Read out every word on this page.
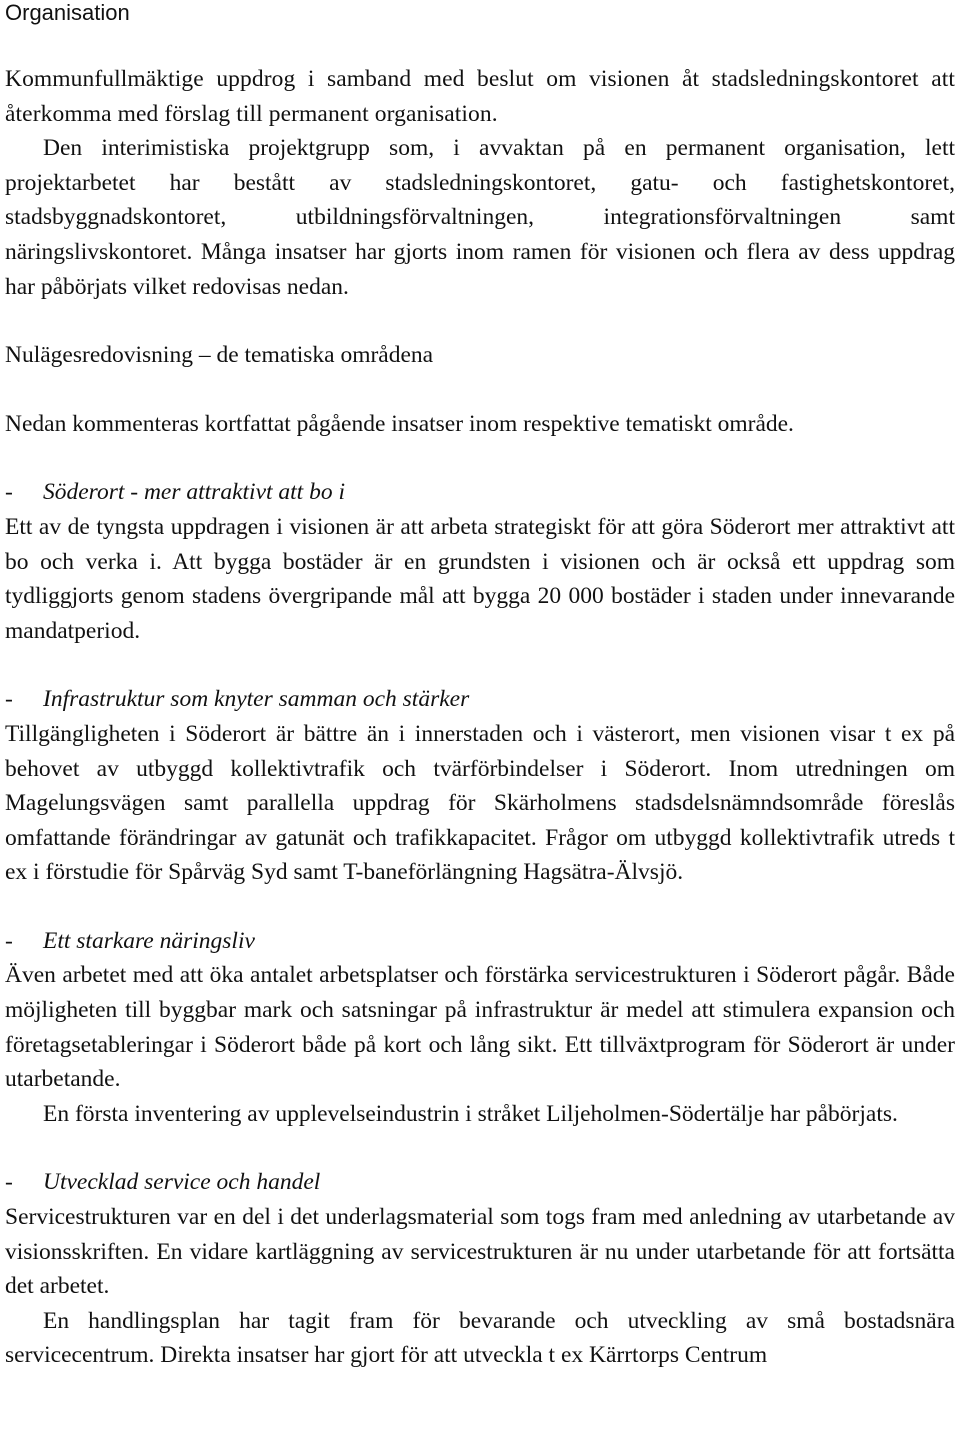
Organisation

Kommunfullmäktige uppdrog i samband med beslut om visionen åt stadsledningskontoret att återkomma med förslag till permanent organisation.

Den interimistiska projektgrupp som, i avvaktan på en permanent organisation, lett projektarbetet har bestått av stadsledningskontoret, gatu- och fastighetskontoret, stadsbyggnadskontoret, utbildningsförvaltningen, integrationsförvaltningen samt näringslivskontoret. Många insatser har gjorts inom ramen för visionen och flera av dess uppdrag har påbörjats vilket redovisas nedan.

Nulägesredovisning – de tematiska områdena

Nedan kommenteras kortfattat pågående insatser inom respektive tematiskt område.

- Söderort - mer attraktivt att bo i

Ett av de tyngsta uppdragen i visionen är att arbeta strategiskt för att göra Söderort mer attraktivt att bo och verka i. Att bygga bostäder är en grundsten i visionen och är också ett uppdrag som tydliggjorts genom stadens övergripande mål att bygga 20 000 bostäder i staden under innevarande mandatperiod.

- Infrastruktur som knyter samman och stärker

Tillgängligheten i Söderort är bättre än i innerstaden och i västerort, men visionen visar t ex på behovet av utbyggd kollektivtrafik och tvärförbindelser i Söderort. Inom utredningen om Magelungsvägen samt parallella uppdrag för Skärholmens stadsdelsnämndsområde föreslås omfattande förändringar av gatunät och trafikkapacitet. Frågor om utbyggd kollektivtrafik utreds t ex i förstudie för Spårväg Syd samt T-baneförlängning Hagsätra-Älvsjö.

- Ett starkare näringsliv

Även arbetet med att öka antalet arbetsplatser och förstärka servicestrukturen i Söderort pågår. Både möjligheten till byggbar mark och satsningar på infrastruktur är medel att stimulera expansion och företagsetableringar i Söderort både på kort och lång sikt. Ett tillväxtprogram för Söderort är under utarbetande.

En första inventering av upplevelseindustrin i stråket Liljeholmen-Södertälje har påbörjats.

- Utvecklad service och handel

Servicestrukturen var en del i det underlagsmaterial som togs fram med anledning av utarbetande av visionsskriften. En vidare kartläggning av servicestrukturen är nu under utarbetande för att fortsätta det arbetet.

En handlingsplan har tagit fram för bevarande och utveckling av små bostadsnära servicecentrum. Direkta insatser har gjort för att utveckla t ex Kärrtorps Centrum
